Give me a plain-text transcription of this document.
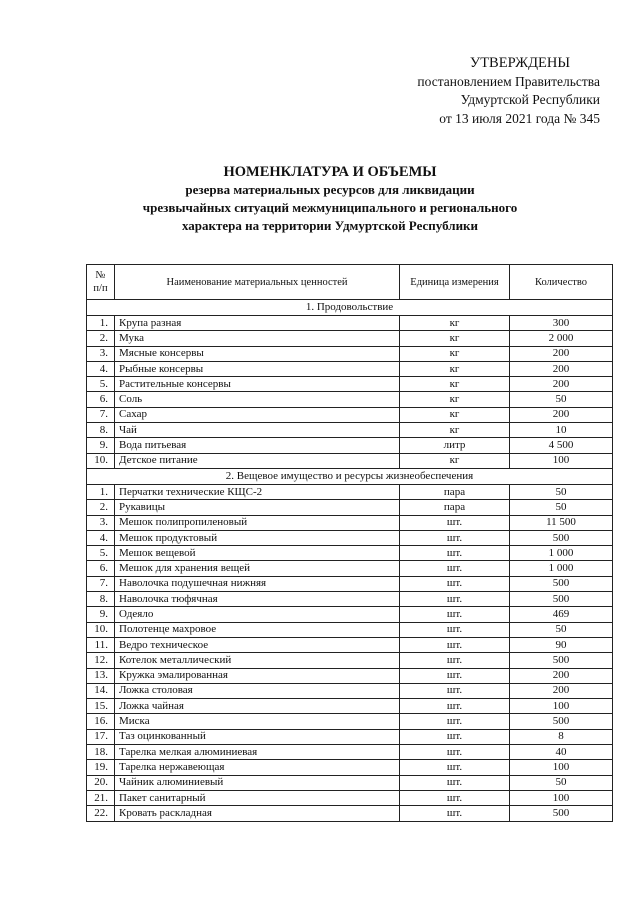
УТВЕРЖДЕНЫ
постановлением Правительства
Удмуртской Республики
от 13 июля 2021 года № 345
НОМЕНКЛАТУРА И ОБЪЕМЫ
резерва материальных ресурсов для ликвидации
чрезвычайных ситуаций межмуниципального и регионального
характера на территории Удмуртской Республики
№
п/п	Наименование материальных ценностей	Единица измерения	Количество
1. Продовольствие			
1.	Крупа разная	кг	300
2.	Мука	кг	2 000
3.	Мясные консервы	кг	200
4.	Рыбные консервы	кг	200
5.	Растительные консервы	кг	200
6.	Соль	кг	50
7.	Сахар	кг	200
8.	Чай	кг	10
9.	Вода питьевая	литр	4 500
10.	Детское питание	кг	100
2. Вещевое имущество и ресурсы жизнеобеспечения			
1.	Перчатки технические КЩС-2	пара	50
2.	Рукавицы	пара	50
3.	Мешок полипропиленовый	шт.	11 500
4.	Мешок продуктовый	шт.	500
5.	Мешок вещевой	шт.	1 000
6.	Мешок для хранения вещей	шт.	1 000
7.	Наволочка подушечная нижняя	шт.	500
8.	Наволочка тюфячная	шт.	500
9.	Одеяло	шт.	469
10.	Полотенце махровое	шт.	50
11.	Ведро техническое	шт.	90
12.	Котелок металлический	шт.	500
13.	Кружка эмалированная	шт.	200
14.	Ложка столовая	шт.	200
15.	Ложка чайная	шт.	100
16.	Миска	шт.	500
17.	Таз оцинкованный	шт.	8
18.	Тарелка мелкая алюминиевая	шт.	40
19.	Тарелка нержавеющая	шт.	100
20.	Чайник алюминиевый	шт.	50
21.	Пакет санитарный	шт.	100
22.	Кровать раскладная	шт.	500
